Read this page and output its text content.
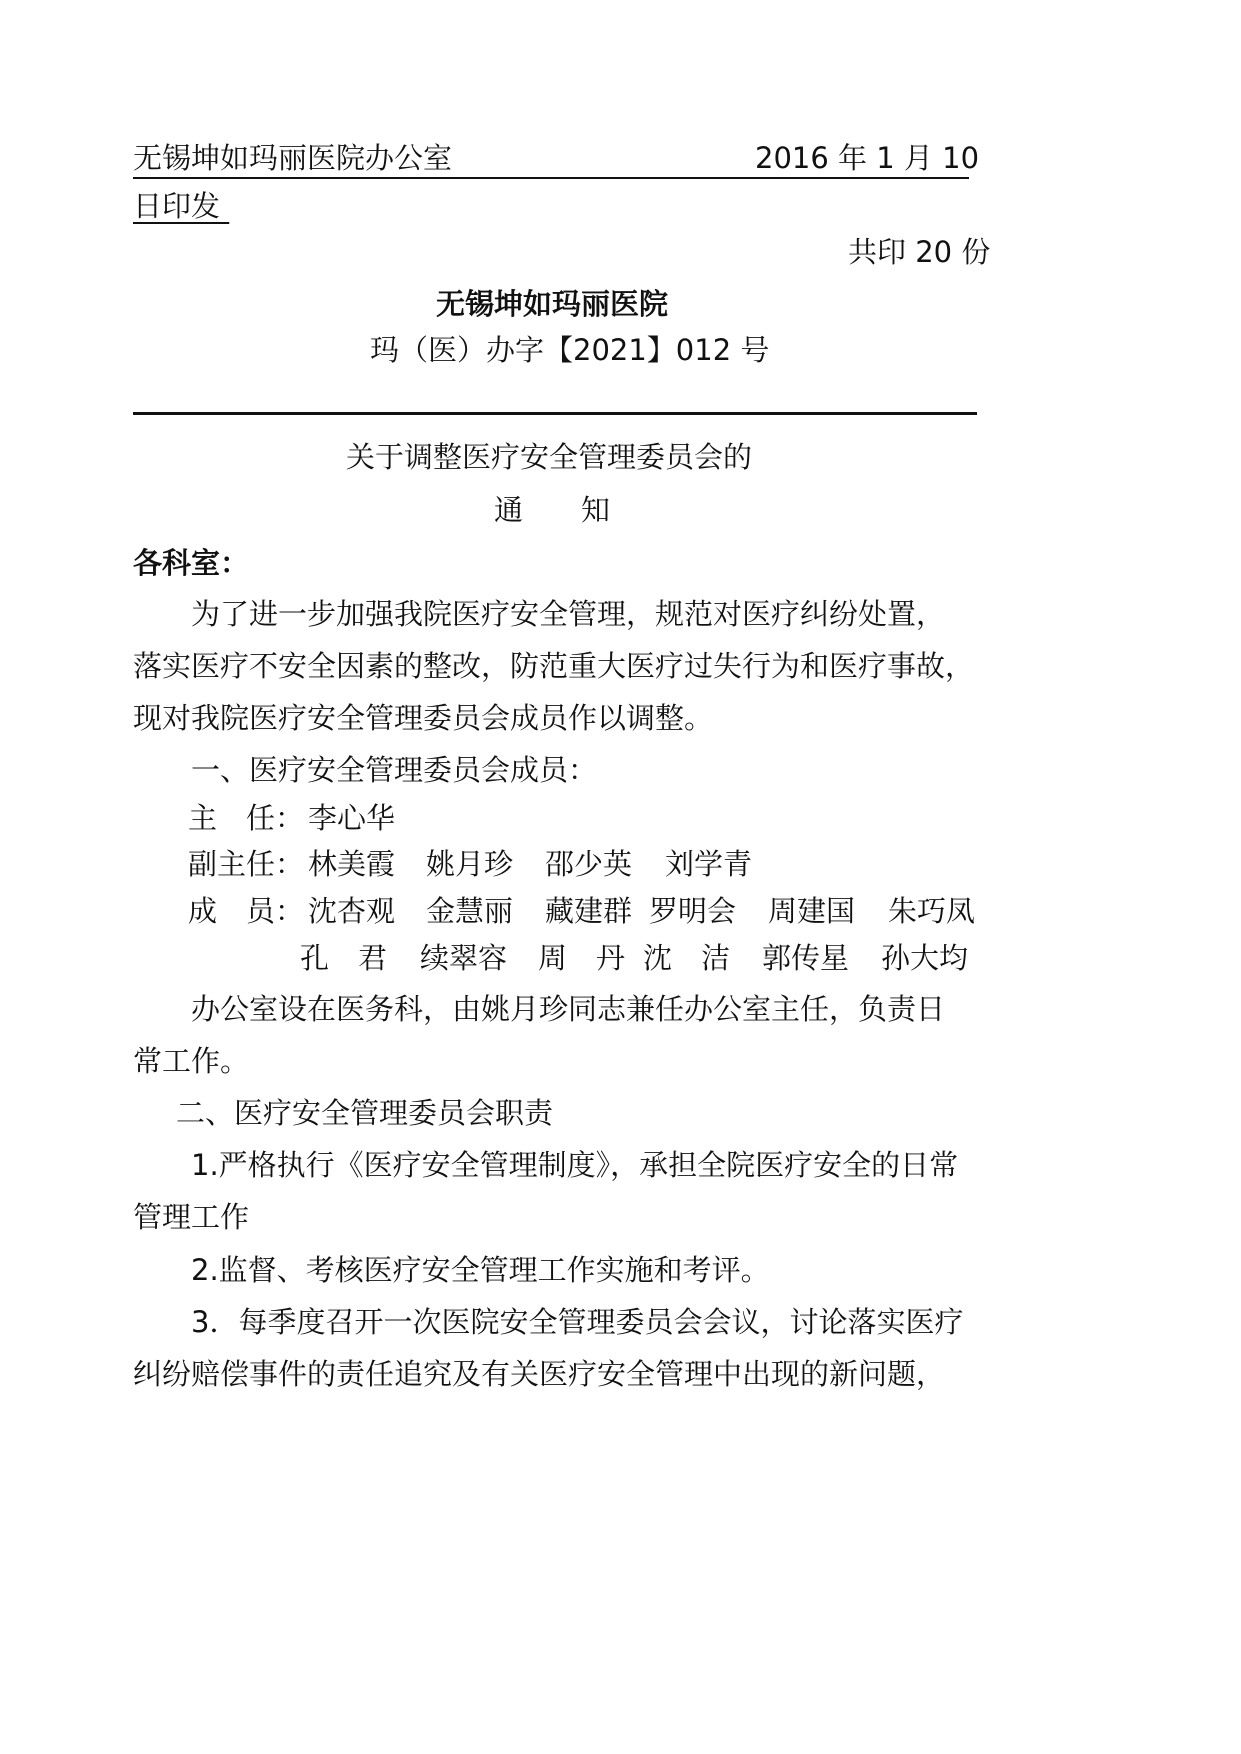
无锡坤如玛丽医院办公室	2016 年 1 月 10
日印发
共印 20 份
无锡坤如玛丽医院
玛（医）办字【2021】012 号
关于调整医疗安全管理委员会的
通　　知
各科室：
为了进一步加强我院医疗安全管理，规范对医疗纠纷处置，
落实医疗不安全因素的整改，防范重大医疗过失行为和医疗事故，
现对我院医疗安全管理委员会成员作以调整。
一、医疗安全管理委员会成员：
主　任： 李心华
副主任： 林美霞 姚月珍 邵少英 刘学青
成　员： 沈杏观 金慧丽 藏建群 罗明会 周建国 朱巧凤
孔　君 续翠容 周　丹 沈　洁 郭传星 孙大均
办公室设在医务科，由姚月珍同志兼任办公室主任，负责日
常工作。
二、医疗安全管理委员会职责
1.严格执行《医疗安全管理制度》，承担全院医疗安全的日常
管理工作
2.监督、考核医疗安全管理工作实施和考评。
3．每季度召开一次医院安全管理委员会会议，讨论落实医疗
纠纷赔偿事件的责任追究及有关医疗安全管理中出现的新问题，
